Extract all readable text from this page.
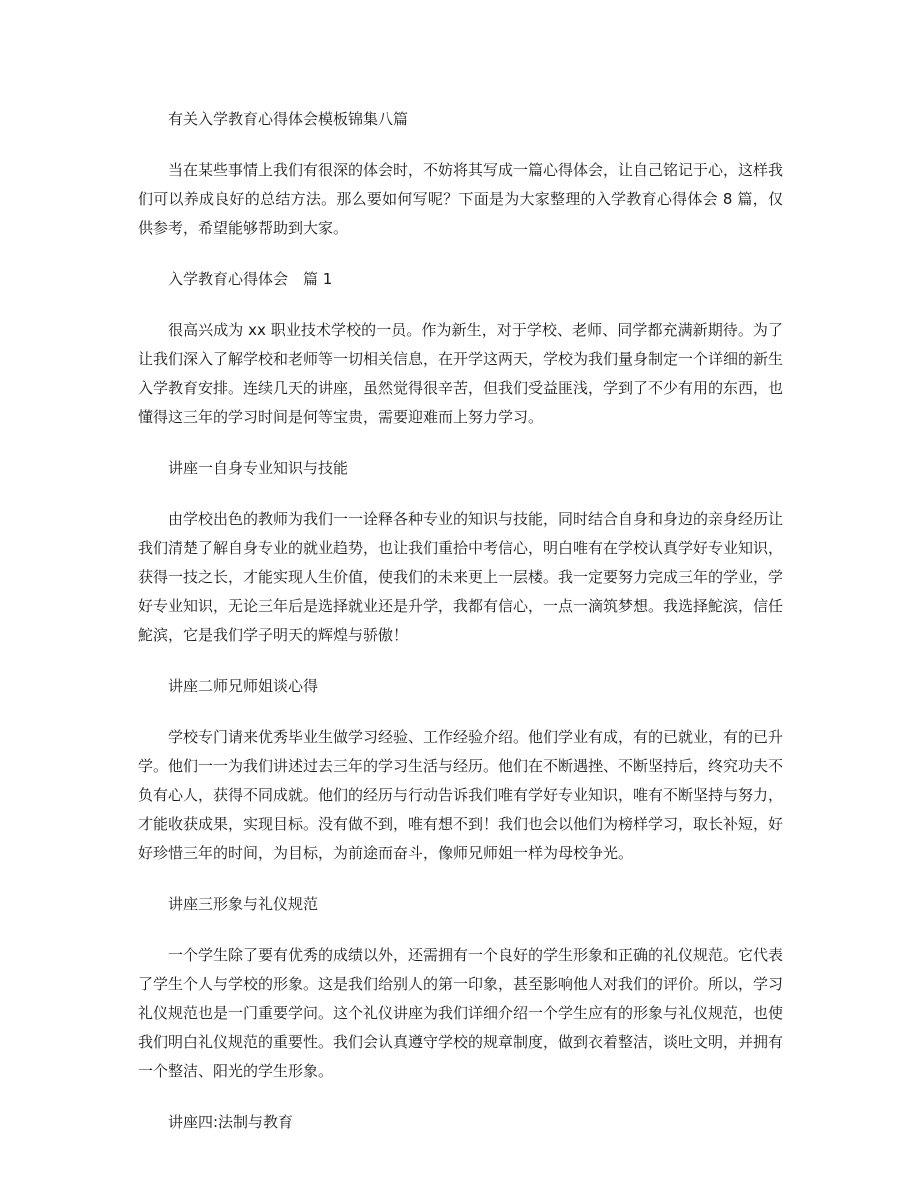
有关入学教育心得体会模板锦集八篇

当在某些事情上我们有很深的体会时，不妨将其写成一篇心得体会，让自己铭记于心，这样我们可以养成良好的总结方法。那么要如何写呢？下面是为大家整理的入学教育心得体会 8 篇，仅供参考，希望能够帮助到大家。

入学教育心得体会　篇 1

很高兴成为 xx 职业技术学校的一员。作为新生，对于学校、老师、同学都充满新期待。为了让我们深入了解学校和老师等一切相关信息，在开学这两天，学校为我们量身制定一个详细的新生入学教育安排。连续几天的讲座，虽然觉得很辛苦，但我们受益匪浅，学到了不少有用的东西，也懂得这三年的学习时间是何等宝贵，需要迎难而上努力学习。

讲座一自身专业知识与技能

由学校出色的教师为我们一一诠释各种专业的知识与技能，同时结合自身和身边的亲身经历让我们清楚了解自身专业的就业趋势，也让我们重拾中考信心，明白唯有在学校认真学好专业知识，获得一技之长，才能实现人生价值，使我们的未来更上一层楼。我一定要努力完成三年的学业，学好专业知识，无论三年后是选择就业还是升学，我都有信心，一点一滴筑梦想。我选择鮀滨，信任鮀滨，它是我们学子明天的辉煌与骄傲！

讲座二师兄师姐谈心得

学校专门请来优秀毕业生做学习经验、工作经验介绍。他们学业有成，有的已就业，有的已升学。他们一一为我们讲述过去三年的学习生活与经历。他们在不断遇挫、不断坚持后，终究功夫不负有心人，获得不同成就。他们的经历与行动告诉我们唯有学好专业知识，唯有不断坚持与努力，才能收获成果，实现目标。没有做不到，唯有想不到！我们也会以他们为榜样学习，取长补短，好好珍惜三年的时间，为目标，为前途而奋斗，像师兄师姐一样为母校争光。

讲座三形象与礼仪规范

一个学生除了要有优秀的成绩以外，还需拥有一个良好的学生形象和正确的礼仪规范。它代表了学生个人与学校的形象。这是我们给别人的第一印象，甚至影响他人对我们的评价。所以，学习礼仪规范也是一门重要学问。这个礼仪讲座为我们详细介绍一个学生应有的形象与礼仪规范，也使我们明白礼仪规范的重要性。我们会认真遵守学校的规章制度，做到衣着整洁，谈吐文明，并拥有一个整洁、阳光的学生形象。

讲座四:法制与教育
